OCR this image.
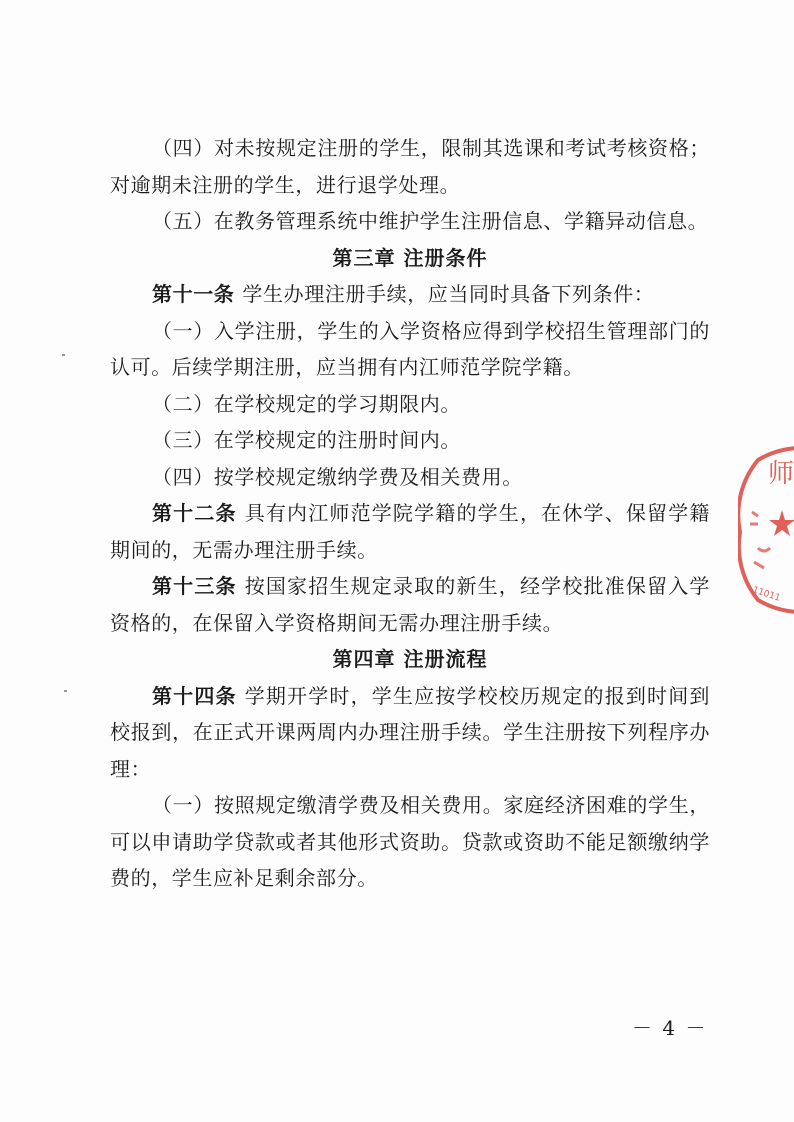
（四）对未按规定注册的学生，限制其选课和考试考核资格；对逾期未注册的学生，进行退学处理。

（五）在教务管理系统中维护学生注册信息、学籍异动信息。

第三章 注册条件

第十一条 学生办理注册手续，应当同时具备下列条件：

（一）入学注册，学生的入学资格应得到学校招生管理部门的认可。后续学期注册，应当拥有内江师范学院学籍。

（二）在学校规定的学习期限内。

（三）在学校规定的注册时间内。

（四）按学校规定缴纳学费及相关费用。

第十二条 具有内江师范学院学籍的学生，在休学、保留学籍期间的，无需办理注册手续。

第十三条 按国家招生规定录取的新生，经学校批准保留入学资格的，在保留入学资格期间无需办理注册手续。

第四章 注册流程

第十四条 学期开学时，学生应按学校校历规定的报到时间到校报到，在正式开课两周内办理注册手续。学生注册按下列程序办理：

（一）按照规定缴清学费及相关费用。家庭经济困难的学生，可以申请助学贷款或者其他形式资助。贷款或资助不能足额缴纳学费的，学生应补足剩余部分。

师
11011
－ 4 －
